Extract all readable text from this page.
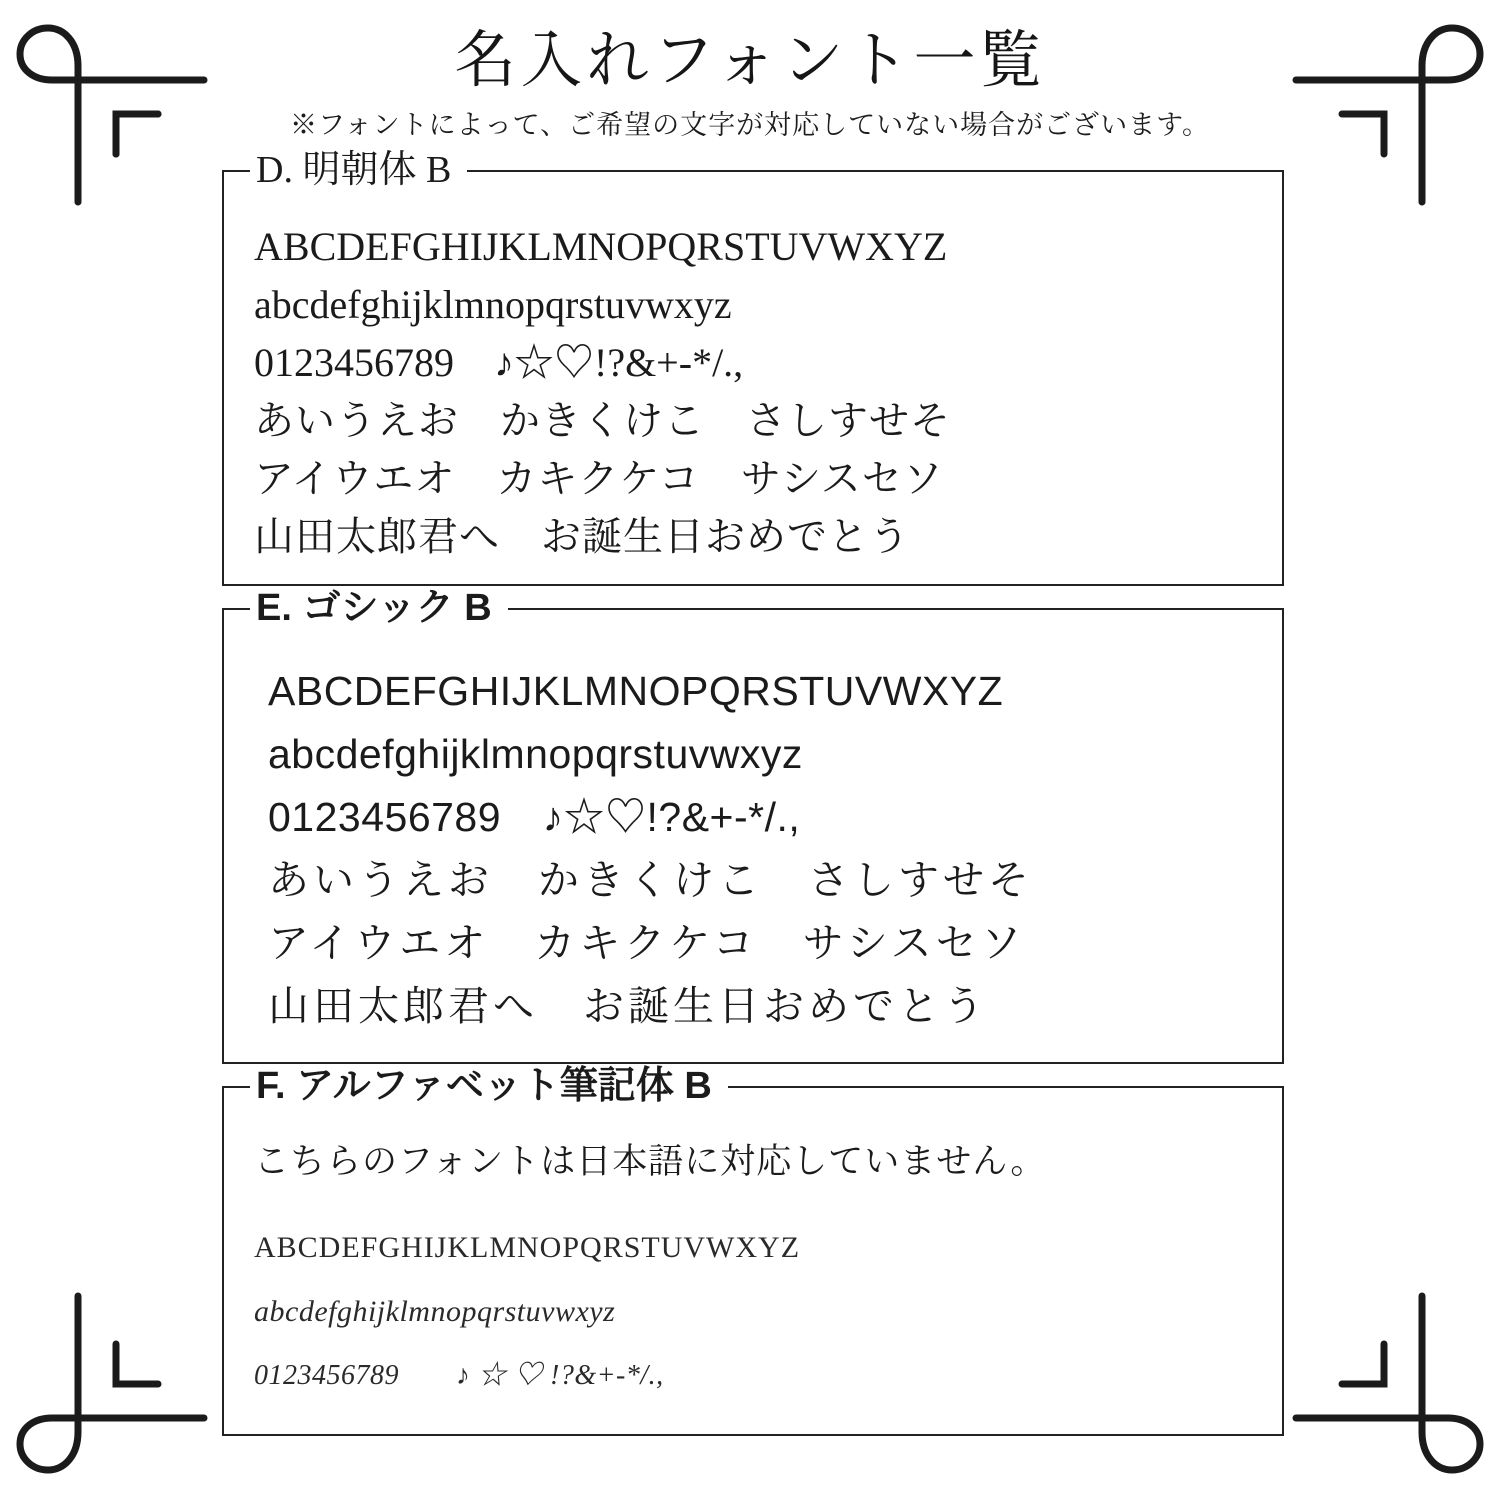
名入れフォント一覧
※フォントによって、ご希望の文字が対応していない場合がございます。
D. 明朝体 B
ABCDEFGHIJKLMNOPQRSTUVWXYZ
abcdefghijklmnopqrstuvwxyz
0123456789　♪☆♡!?&+-*/.,
あいうえお　かきくけこ　さしすせそ
アイウエオ　カキクケコ　サシスセソ
山田太郎君へ　お誕生日おめでとう
E. ゴシック B
ABCDEFGHIJKLMNOPQRSTUVWXYZ
abcdefghijklmnopqrstuvwxyz
0123456789　♪☆♡!?&+-*/.,
あいうえお　かきくけこ　さしすせそ
アイウエオ　カキクケコ　サシスセソ
山田太郎君へ　お誕生日おめでとう
F. アルファベット筆記体 B
こちらのフォントは日本語に対応していません。
ABCDEFGHIJKLMNOPQRSTUVWXYZ
abcdefghijklmnopqrstuvwxyz
0123456789　　♪ ☆ ♡ !?&+-*/.,
